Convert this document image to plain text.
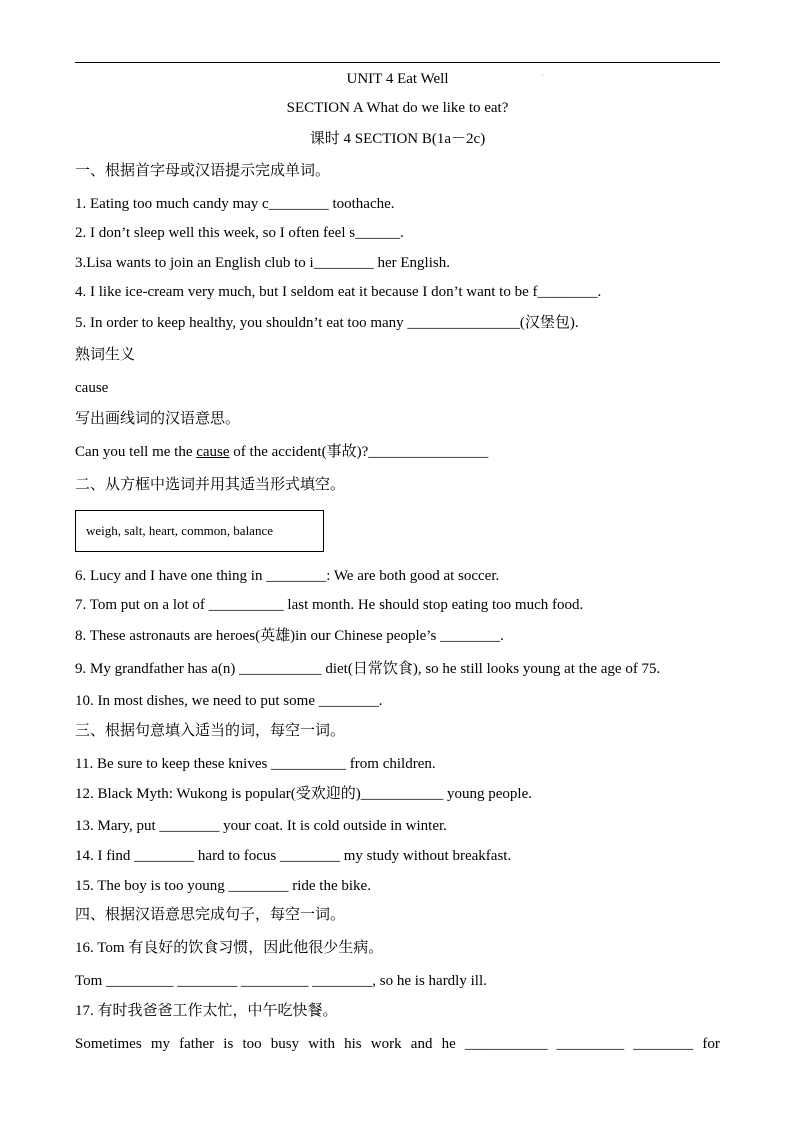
·
UNIT 4 Eat Well
SECTION A What do we like to eat?
课时 4 SECTION B(1a－2c)
一、根据首字母或汉语提示完成单词。
1. Eating too much candy may c________ toothache.
2. I don’t sleep well this week, so I often feel s______.
3.Lisa wants to join an English club to i________ her English.
4. I like ice-cream very much, but I seldom eat it because I don’t want to be f________.
5. In order to keep healthy, you shouldn’t eat too many _______________(汉堡包).
熟词生义
cause
写出画线词的汉语意思。
Can you tell me the cause of the accident(事故)?________________
二、从方框中选词并用其适当形式填空。
weigh, salt, heart, common, balance
6. Lucy and I have one thing in ________: We are both good at soccer.
7. Tom put on a lot of __________ last month. He should stop eating too much food.
8. These astronauts are heroes(英雄)in our Chinese people’s ________.
9. My grandfather has a(n) ___________ diet(日常饮食), so he still looks young at the age of 75.
10. In most dishes, we need to put some ________.
三、根据句意填入适当的词，每空一词。
11. Be sure to keep these knives __________ from children.
12. Black Myth: Wukong is popular(受欢迎的)___________ young people.
13. Mary, put ________ your coat. It is cold outside in winter.
14. I find ________ hard to focus ________ my study without breakfast.
15. The boy is too young ________ ride the bike.
四、根据汉语意思完成句子，每空一词。
16. Tom 有良好的饮食习惯，因此他很少生病。
Tom _________ ________ _________ ________, so he is hardly ill.
17. 有时我爸爸工作太忙，中午吃快餐。
Sometimes my father is too busy with his work and he ___________ _________ ________ for
